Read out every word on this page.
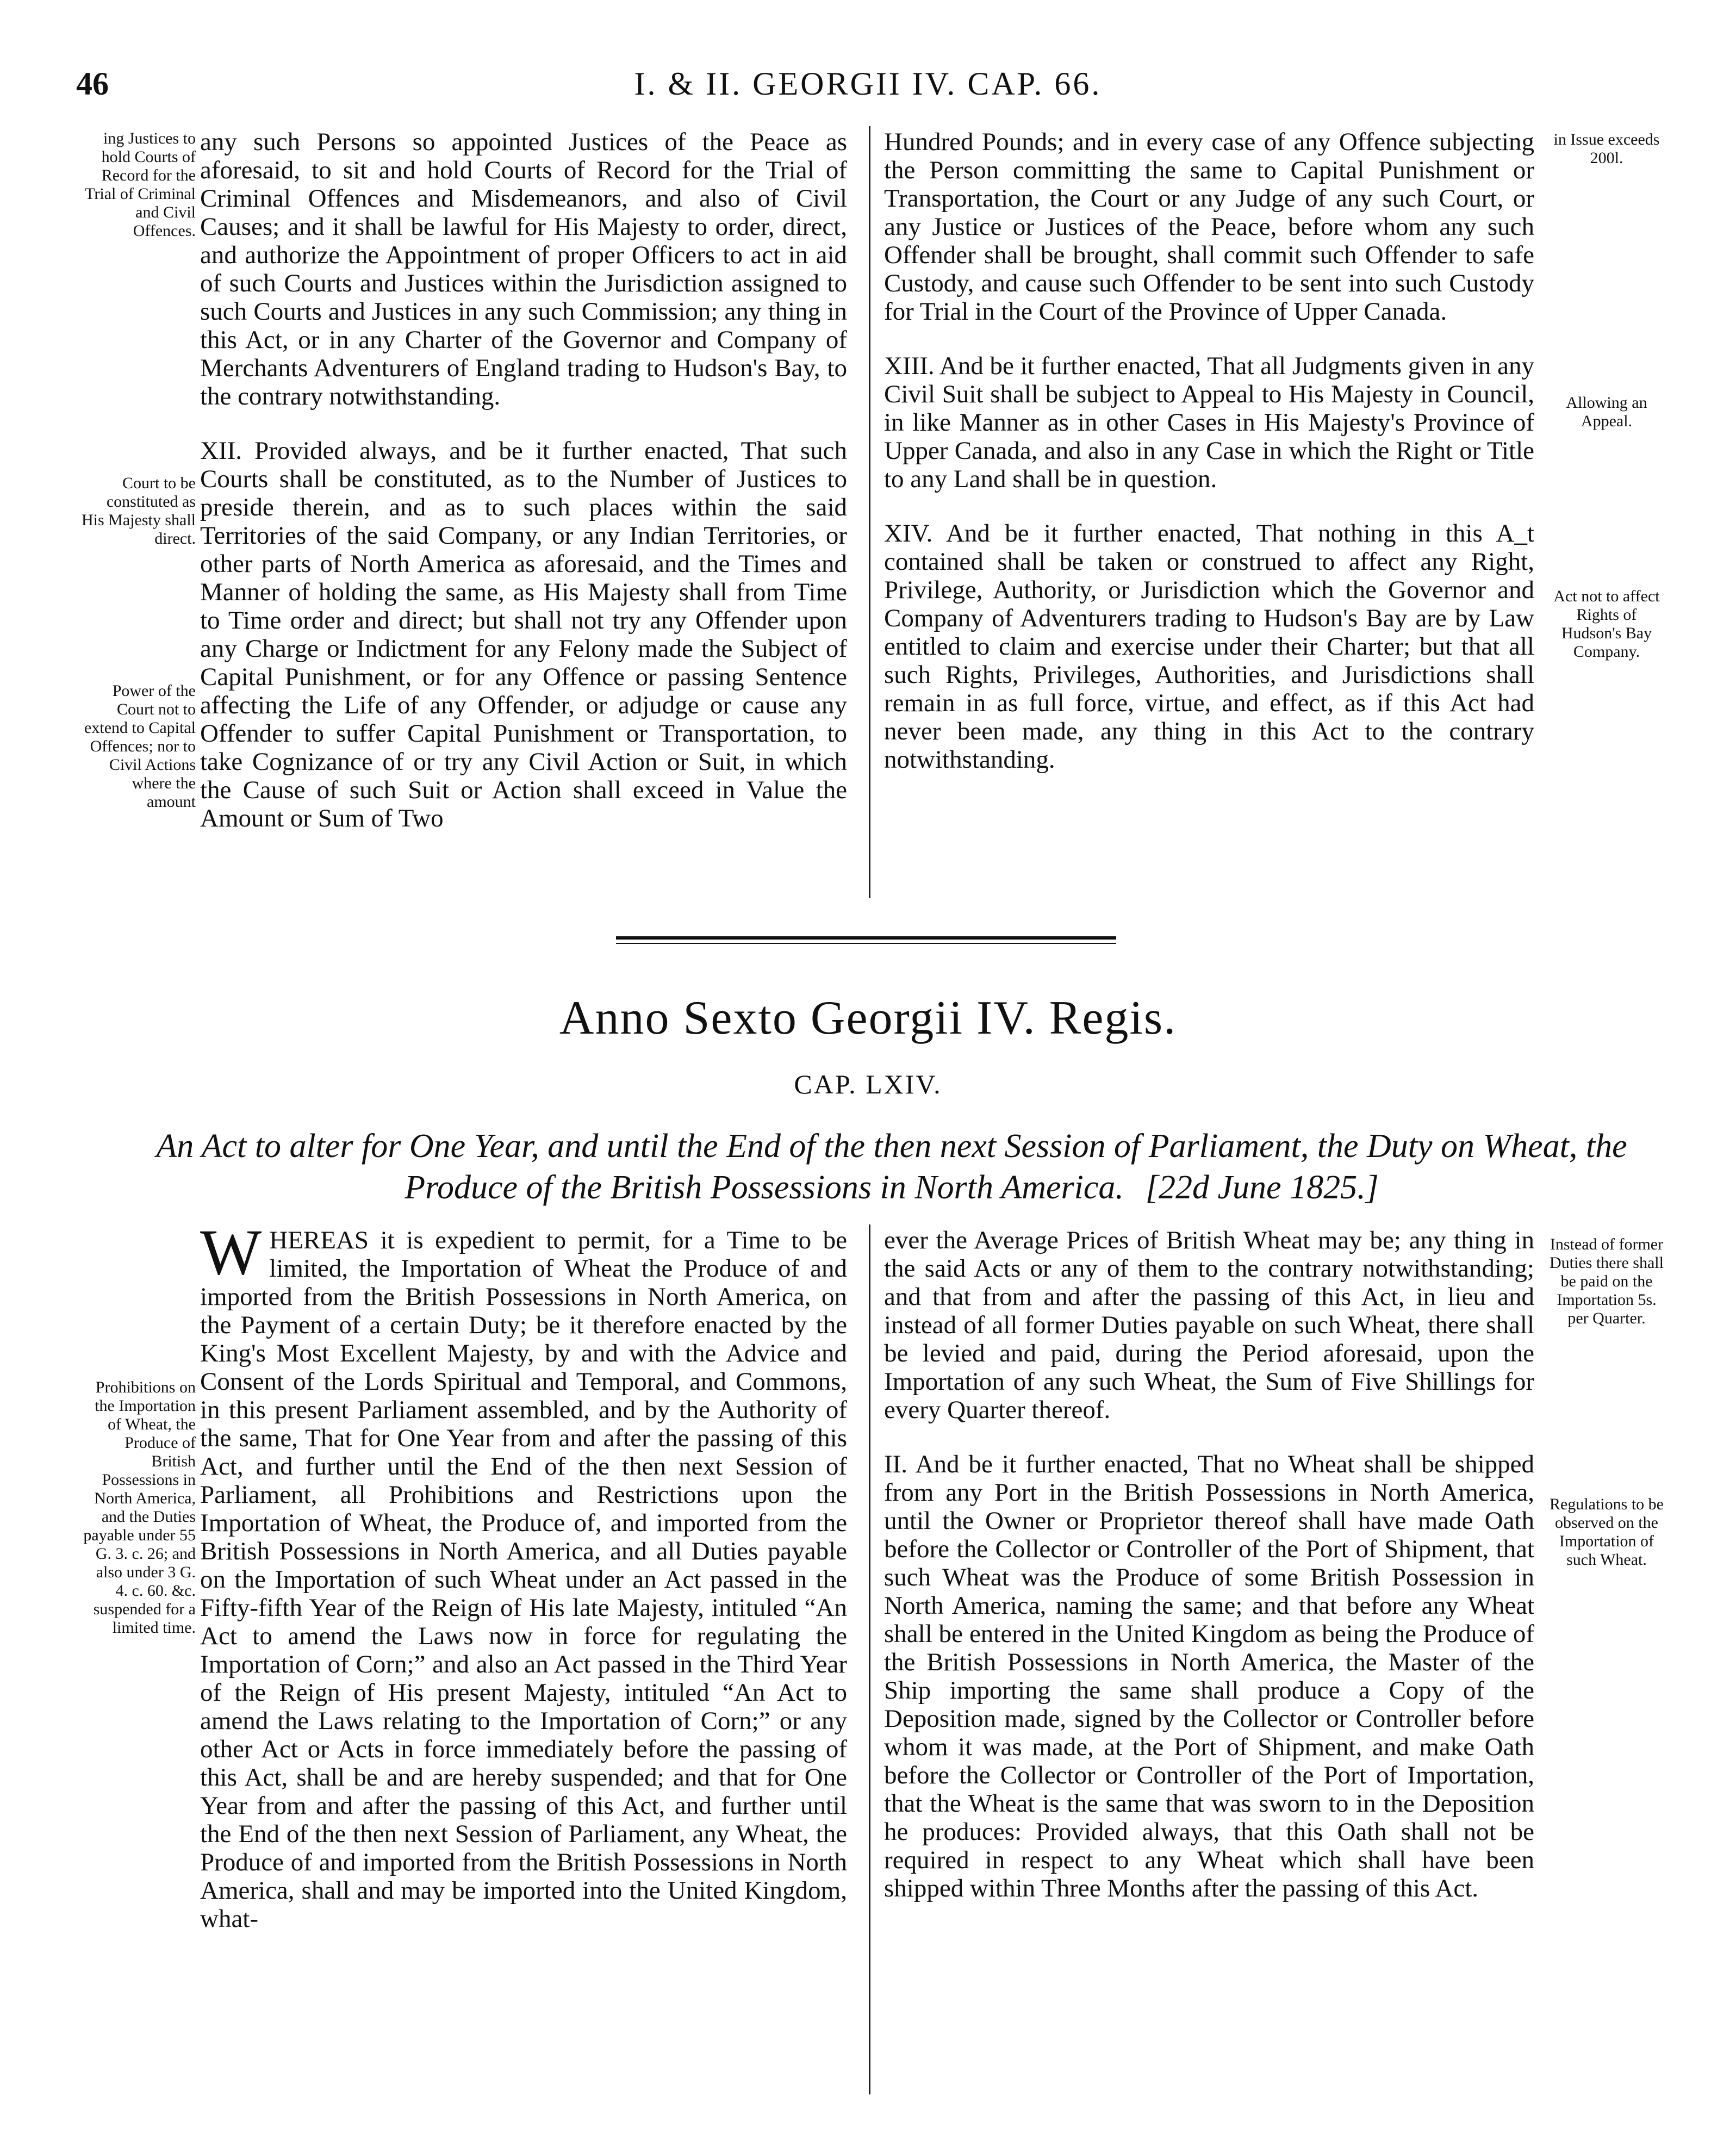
46	I. & II. GEORGII IV. CAP. 66.
ing Justices to hold Courts of Record for the Trial of Criminal and Civil Offences.
Court to be constituted as His Majesty shall direct.
Power of the Court not to extend to Capital Offences; nor to Civil Actions where the amount

any such Persons so appointed Justices of the Peace as aforesaid, to sit and hold Courts of Record for the Trial of Criminal Offences and Misdemeanors, and also of Civil Causes; and it shall be lawful for His Majesty to order, direct, and authorize the Appointment of proper Officers to act in aid of such Courts and Justices within the Jurisdiction assigned to such Courts and Justices in any such Commission; any thing in this Act, or in any Charter of the Governor and Company of Merchants Adventurers of England trading to Hudson's Bay, to the contrary notwithstanding.

XII. Provided always, and be it further enacted, That such Courts shall be constituted, as to the Number of Justices to preside therein, and as to such places within the said Territories of the said Company, or any Indian Territories, or other parts of North America as aforesaid, and the Times and Manner of holding the same, as His Majesty shall from Time to Time order and direct; but shall not try any Offender upon any Charge or Indictment for any Felony made the Subject of Capital Punishment, or for any Offence or passing Sentence affecting the Life of any Offender, or adjudge or cause any Offender to suffer Capital Punishment or Transportation, to take Cognizance of or try any Civil Action or Suit, in which the Cause of such Suit or Action shall exceed in Value the Amount or Sum of Two

Hundred Pounds; and in every case of any Offence subjecting the Person committing the same to Capital Punishment or Transportation, the Court or any Judge of any such Court, or any Justice or Justices of the Peace, before whom any such Offender shall be brought, shall commit such Offender to safe Custody, and cause such Offender to be sent into such Custody for Trial in the Court of the Province of Upper Canada.

XIII. And be it further enacted, That all Judgments given in any Civil Suit shall be subject to Appeal to His Majesty in Council, in like Manner as in other Cases in His Majesty's Province of Upper Canada, and also in any Case in which the Right or Title to any Land shall be in question.

XIV. And be it further enacted, That nothing in this A_t contained shall be taken or construed to affect any Right, Privilege, Authority, or Jurisdiction which the Governor and Company of Adventurers trading to Hudson's Bay are by Law entitled to claim and exercise under their Charter; but that all such Rights, Privileges, Authorities, and Jurisdictions shall remain in as full force, virtue, and effect, as if this Act had never been made, any thing in this Act to the contrary notwithstanding.

in Issue exceeds 200l.
Allowing an Appeal.
Act not to affect Rights of Hudson's Bay Company.
Anno Sexto Georgii IV. Regis.
CAP. LXIV.
An Act to alter for One Year, and until the End of the then next Session of Parliament, the Duty on Wheat, the Produce of the British Possessions in North America. [22d June 1825.]
Prohibitions on the Importation of Wheat, the Produce of British Possessions in North America, and the Duties payable under 55 G. 3. c. 26; and also under 3 G. 4. c. 60. &c. suspended for a limited time.

WHEREAS it is expedient to permit, for a Time to be limited, the Importation of Wheat the Produce of and imported from the British Possessions in North America, on the Payment of a certain Duty; be it therefore enacted by the King's Most Excellent Majesty, by and with the Advice and Consent of the Lords Spiritual and Temporal, and Commons, in this present Parliament assembled, and by the Authority of the same, That for One Year from and after the passing of this Act, and further until the End of the then next Session of Parliament, all Prohibitions and Restrictions upon the Importation of Wheat, the Produce of, and imported from the British Possessions in North America, and all Duties payable on the Importation of such Wheat under an Act passed in the Fifty-fifth Year of the Reign of His late Majesty, intituled “An Act to amend the Laws now in force for regulating the Importation of Corn;” and also an Act passed in the Third Year of the Reign of His present Majesty, intituled “An Act to amend the Laws relating to the Importation of Corn;” or any other Act or Acts in force immediately before the passing of this Act, shall be and are hereby suspended; and that for One Year from and after the passing of this Act, and further until the End of the then next Session of Parliament, any Wheat, the Produce of and imported from the British Possessions in North America, shall and may be imported into the United Kingdom, what-

ever the Average Prices of British Wheat may be; any thing in the said Acts or any of them to the contrary notwithstanding; and that from and after the passing of this Act, in lieu and instead of all former Duties payable on such Wheat, there shall be levied and paid, during the Period aforesaid, upon the Importation of any such Wheat, the Sum of Five Shillings for every Quarter thereof.

II. And be it further enacted, That no Wheat shall be shipped from any Port in the British Possessions in North America, until the Owner or Proprietor thereof shall have made Oath before the Collector or Controller of the Port of Shipment, that such Wheat was the Produce of some British Possession in North America, naming the same; and that before any Wheat shall be entered in the United Kingdom as being the Produce of the British Possessions in North America, the Master of the Ship importing the same shall produce a Copy of the Deposition made, signed by the Collector or Controller before whom it was made, at the Port of Shipment, and make Oath before the Collector or Controller of the Port of Importation, that the Wheat is the same that was sworn to in the Deposition he produces: Provided always, that this Oath shall not be required in respect to any Wheat which shall have been shipped within Three Months after the passing of this Act.

Instead of former Duties there shall be paid on the Importation 5s. per Quarter.
Regulations to be observed on the Importation of such Wheat.
